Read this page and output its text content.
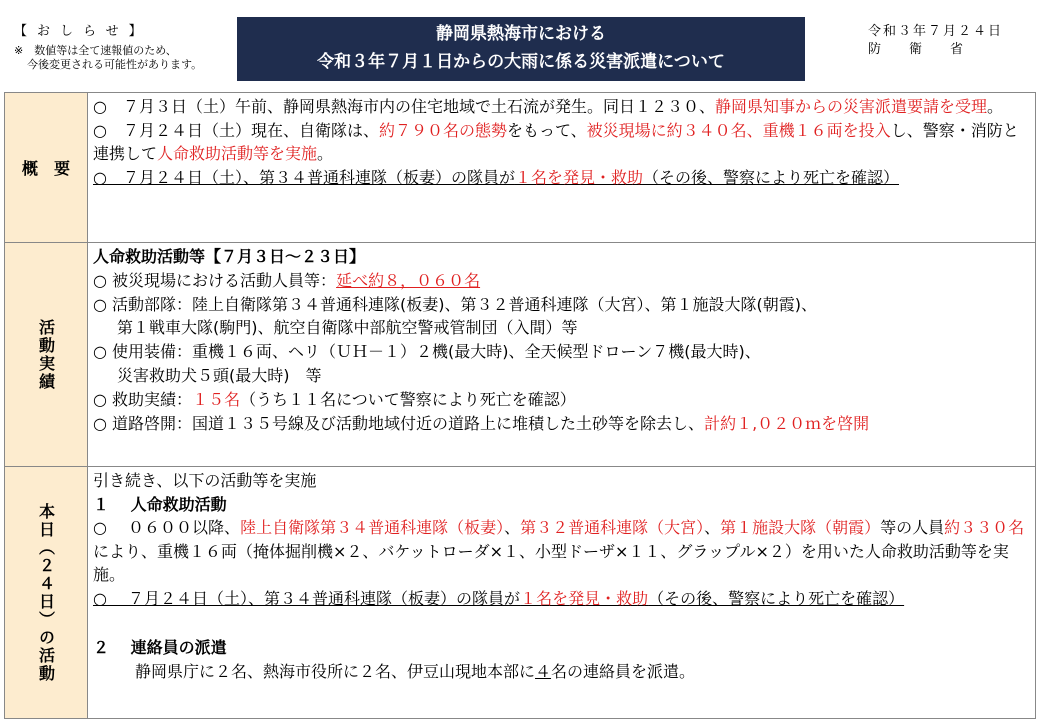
【おしらせ】
※　数値等は全て速報値のため、
今後変更される可能性があります。
静岡県熱海市における
令和３年７月１日からの大雨に係る災害派遣について
令和３年７月２４日
防衛省
概　要
○　７月３日（土）午前、静岡県熱海市内の住宅地域で土石流が発生。同日１２３０、静岡県知事からの災害派遣要請を受理。
○　７月２４日（土）現在、自衛隊は、約７９０名の態勢をもって、被災現場に約３４０名、重機１６両を投入し、警察・消防と連携して人命救助活動等を実施。
○　７月２４日（土）、第３４普通科連隊（板妻）の隊員が１名を発見・救助（その後、警察により死亡を確認）
活動実績
人命救助活動等【７月３日～２３日】
○ 被災現場における活動人員等：延べ約８，０６０名
○ 活動部隊：陸上自衛隊第３４普通科連隊(板妻)、第３２普通科連隊（大宮）、第１施設大隊(朝霞)、
第１戦車大隊(駒門)、航空自衛隊中部航空警戒管制団（入間）等
○ 使用装備：重機１６両、ヘリ（ＵＨ－１）２機(最大時)、全天候型ドローン７機(最大時)、
災害救助犬５頭(最大時)　等
○ 救助実績：１５名（うち１１名について警察により死亡を確認）
○ 道路啓開：国道１３５号線及び活動地域付近の道路上に堆積した土砂等を除去し、計約１,０２０ｍを啓開
本日（２４日）の活動
引き続き、以下の活動等を実施
１　 人命救助活動
○　 ０６００以降、陸上自衛隊第３４普通科連隊（板妻）、第３２普通科連隊（大宮）、第１施設大隊（朝霞）等の人員約３３０名により、重機１６両（掩体掘削機×２、バケットローダ×１、小型ドーザ×１１、グラップル×２）を用いた人命救助活動等を実施。
○　 ７月２４日（土）、第３４普通科連隊（板妻）の隊員が１名を発見・救助（その後、警察により死亡を確認）
２　 連絡員の派遣
静岡県庁に２名、熱海市役所に２名、伊豆山現地本部に４名の連絡員を派遣。
